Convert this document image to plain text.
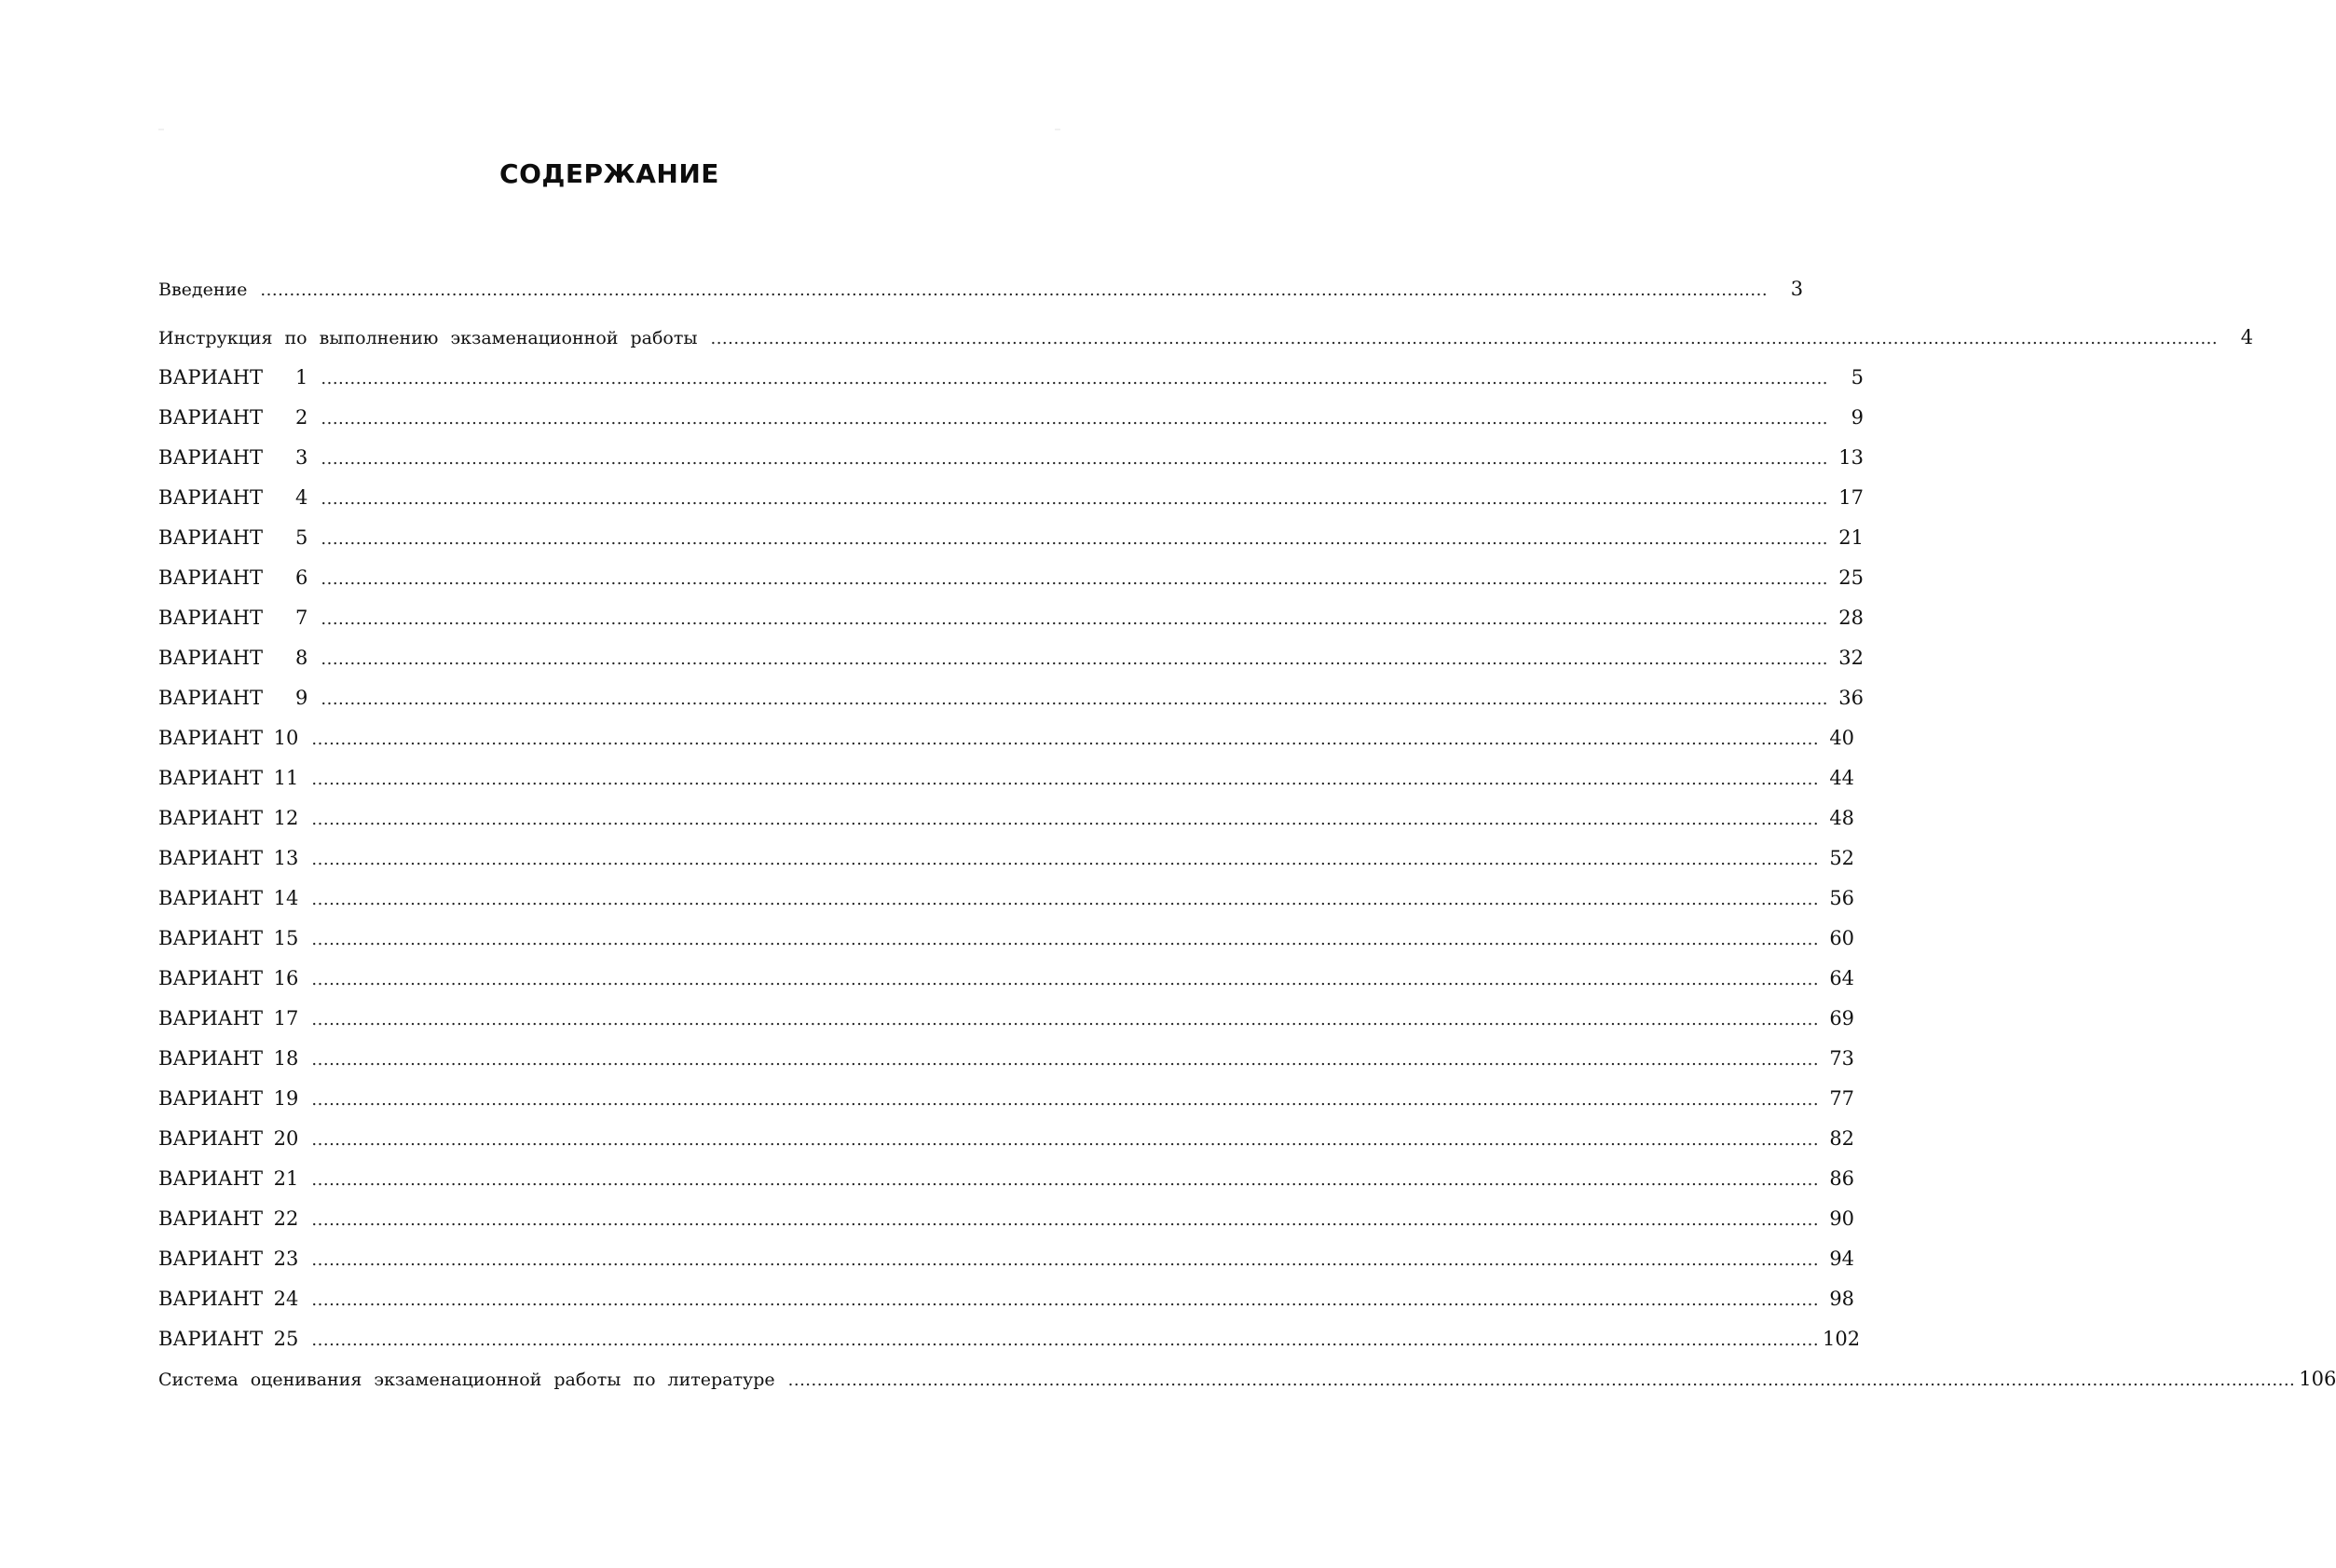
СОДЕРЖАНИЕ
Введение ....................................................................................................................................................................................................................................................................	3
Инструкция по выполнению экзаменационной работы ....................................................................................................................................................................................................................................................................	4
ВАРИАНТ   1 ....................................................................................................................................................................................................................................................................	5
ВАРИАНТ   2 ....................................................................................................................................................................................................................................................................	9
ВАРИАНТ   3 .................................................................................................................................................................................................................................................................... 13
ВАРИАНТ   4 .................................................................................................................................................................................................................................................................... 17
ВАРИАНТ   5 .................................................................................................................................................................................................................................................................... 21
ВАРИАНТ   6 .................................................................................................................................................................................................................................................................... 25
ВАРИАНТ   7 .................................................................................................................................................................................................................................................................... 28
ВАРИАНТ   8 .................................................................................................................................................................................................................................................................... 32
ВАРИАНТ   9 .................................................................................................................................................................................................................................................................... 36
ВАРИАНТ 10 .................................................................................................................................................................................................................................................................... 40
ВАРИАНТ 11 .................................................................................................................................................................................................................................................................... 44
ВАРИАНТ 12 .................................................................................................................................................................................................................................................................... 48
ВАРИАНТ 13 .................................................................................................................................................................................................................................................................... 52
ВАРИАНТ 14 .................................................................................................................................................................................................................................................................... 56
ВАРИАНТ 15 .................................................................................................................................................................................................................................................................... 60
ВАРИАНТ 16 .................................................................................................................................................................................................................................................................... 64
ВАРИАНТ 17 .................................................................................................................................................................................................................................................................... 69
ВАРИАНТ 18 .................................................................................................................................................................................................................................................................... 73
ВАРИАНТ 19 .................................................................................................................................................................................................................................................................... 77
ВАРИАНТ 20 .................................................................................................................................................................................................................................................................... 82
ВАРИАНТ 21 .................................................................................................................................................................................................................................................................... 86
ВАРИАНТ 22 .................................................................................................................................................................................................................................................................... 90
ВАРИАНТ 23 .................................................................................................................................................................................................................................................................... 94
ВАРИАНТ 24 .................................................................................................................................................................................................................................................................... 98
ВАРИАНТ 25 .................................................................................................................................................................................................................................................................... 102
Система оценивания экзаменационной работы по литературе .................................................................................................................................................................................................................................................................... 106
